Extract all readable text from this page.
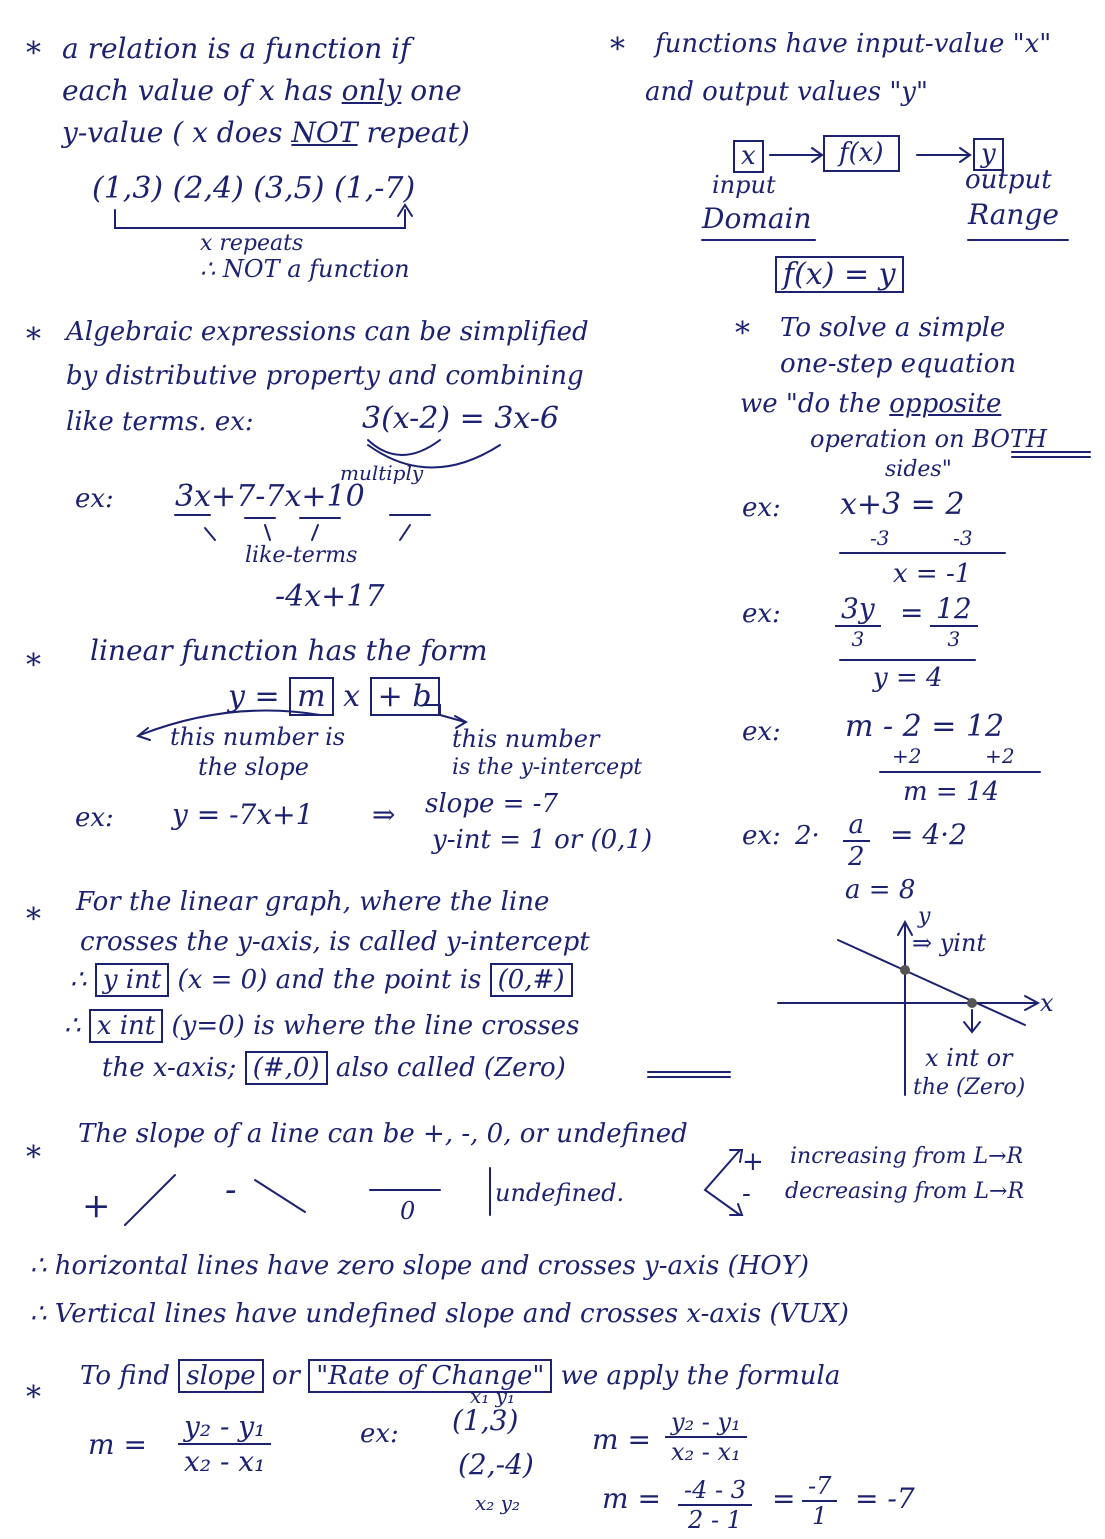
* a relation is a function if
each value of x has only one
y-value ( x does NOT repeat)
(1,3) (2,4) (3,5) (1,-7)
x repeats
∴ NOT a function
* functions have input-value "x"
and output values "y"
x	f(x)	y
input
Domain
output
Range
f(x) = y
* Algebraic expressions can be simplified
by distributive property and combining
like terms. ex:	3(x-2) = 3x-6
multiply
ex: 3x+7-7x+10
like-terms
-4x+17
* To solve a simple
one-step equation
we "do the opposite
operation on BOTH
sides"
ex: x+3 = 2
-3          -3
x = -1
ex: 3y
3
= 12
3
y = 4
ex: m - 2 = 12
+2          +2
m = 14
ex: $2\cdot \frac{a}{2} = 4\cdot 2$
a = 8
* linear function has the form
y = m x + b
this number is
the slope
this number
is the y-intercept
ex: y = -7x+1 ⇒ slope = -7
y-int = 1 or (0,1)
* For the linear graph, where the line
crosses the y-axis, is called y-intercept
∴ y int (x = 0) and the point is (0,#)
∴ x int (y=0) is where the line crosses
the x-axis; (#,0) also called (Zero)
y
x
⇒ yint
x int or
the (Zero)
*
The slope of a line can be +, -, 0, or undefined
+	-
0
undefined.
+ increasing from L→R
- decreasing from L→R
∴ horizontal lines have zero slope and crosses y-axis (HOY)
∴ Vertical lines have undefined slope and crosses x-axis (VUX)
*
To find slope or "Rate of Change" we apply the formula
$m = \frac{\text{y₂ - y₁}}{\text{x₂ - x₁}}$	ex:
x₁ y₁
(1,3)
(2,-4)
x₂ y₂
$m = \frac{\text{y₂ - y₁}}{\text{x₂ - x₁}}$
$m = \frac{-4 - 3}{2 - 1} = \frac{-7}{1} = -7$
